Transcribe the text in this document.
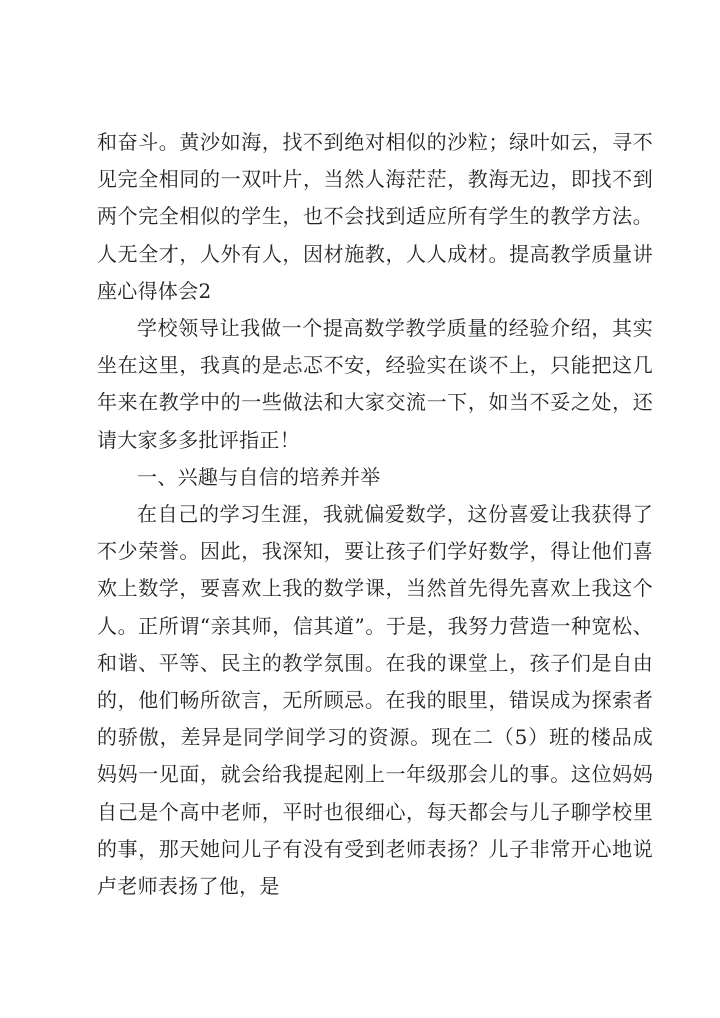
和奋斗。黄沙如海，找不到绝对相似的沙粒；绿叶如云，寻不见完全相同的一双叶片，当然人海茫茫，教海无边，即找不到两个完全相似的学生，也不会找到适应所有学生的教学方法。人无全才，人外有人，因材施教，人人成材。提高教学质量讲座心得体会2

学校领导让我做一个提高数学教学质量的经验介绍，其实坐在这里，我真的是忐忑不安，经验实在谈不上，只能把这几年来在教学中的一些做法和大家交流一下，如当不妥之处，还请大家多多批评指正！

一、兴趣与自信的培养并举

在自己的学习生涯，我就偏爱数学，这份喜爱让我获得了不少荣誉。因此，我深知，要让孩子们学好数学，得让他们喜欢上数学，要喜欢上我的数学课，当然首先得先喜欢上我这个人。正所谓“亲其师，信其道”。于是，我努力营造一种宽松、和谐、平等、民主的教学氛围。在我的课堂上，孩子们是自由的，他们畅所欲言，无所顾忌。在我的眼里，错误成为探索者的骄傲，差异是同学间学习的资源。现在二（5）班的楼品成妈妈一见面，就会给我提起刚上一年级那会儿的事。这位妈妈自己是个高中老师，平时也很细心，每天都会与儿子聊学校里的事，那天她问儿子有没有受到老师表扬？儿子非常开心地说卢老师表扬了他，是
